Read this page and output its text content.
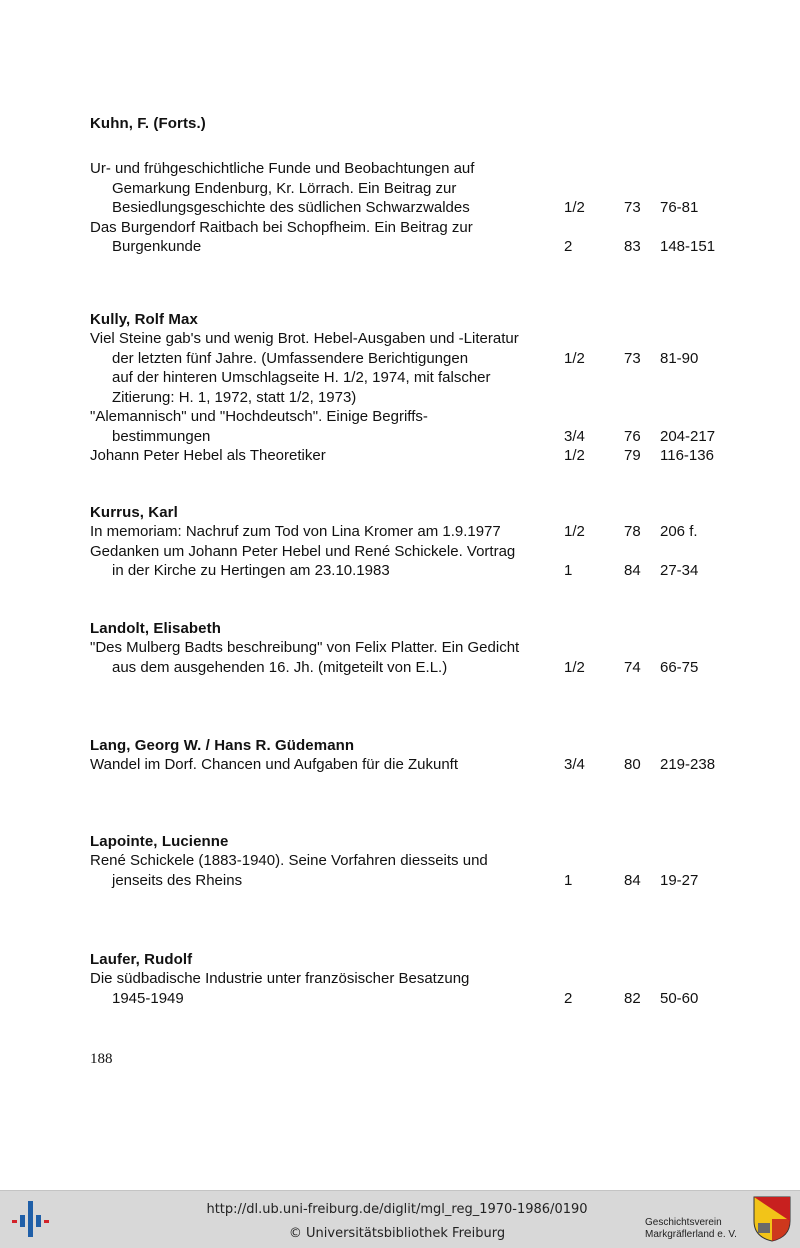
Kuhn, F. (Forts.)
Ur- und frühgeschichtliche Funde und Beobachtungen auf
Gemarkung Endenburg, Kr. Lörrach. Ein Beitrag zur
Besiedlungsgeschichte des südlichen Schwarzwaldes	1/2	73 76-81
Das Burgendorf Raitbach bei Schopfheim. Ein Beitrag zur
Burgenkunde	2	83 148-151
Kully, Rolf Max
Viel Steine gab's und wenig Brot. Hebel-Ausgaben und -Literatur
der letzten fünf Jahre. (Umfassendere Berichtigungen	1/2	73 81-90
auf der hinteren Umschlagseite H. 1/2, 1974, mit falscher
Zitierung: H. 1, 1972, statt 1/2, 1973)
"Alemannisch" und "Hochdeutsch". Einige Begriffs-
bestimmungen	3/4	76 204-217
Johann Peter Hebel als Theoretiker	1/2	79 116-136
Kurrus, Karl
In memoriam: Nachruf zum Tod von Lina Kromer am 1.9.1977	1/2	78 206 f.
Gedanken um Johann Peter Hebel und René Schickele. Vortrag
in der Kirche zu Hertingen am 23.10.1983	1	84 27-34
Landolt, Elisabeth
"Des Mulberg Badts beschreibung" von Felix Platter. Ein Gedicht
aus dem ausgehenden 16. Jh. (mitgeteilt von E.L.)	1/2	74 66-75
Lang, Georg W. / Hans R. Güdemann
Wandel im Dorf. Chancen und Aufgaben für die Zukunft	3/4	80 219-238
Lapointe, Lucienne
René Schickele (1883-1940). Seine Vorfahren diesseits und
jenseits des Rheins	1	84 19-27
Laufer, Rudolf
Die südbadische Industrie unter französischer Besatzung
1945-1949	2	82 50-60
188
http://dl.ub.uni-freiburg.de/diglit/mgl_reg_1970-1986/0190
© Universitätsbibliothek Freiburg
Geschichtsverein
Markgräflerland e. V.
